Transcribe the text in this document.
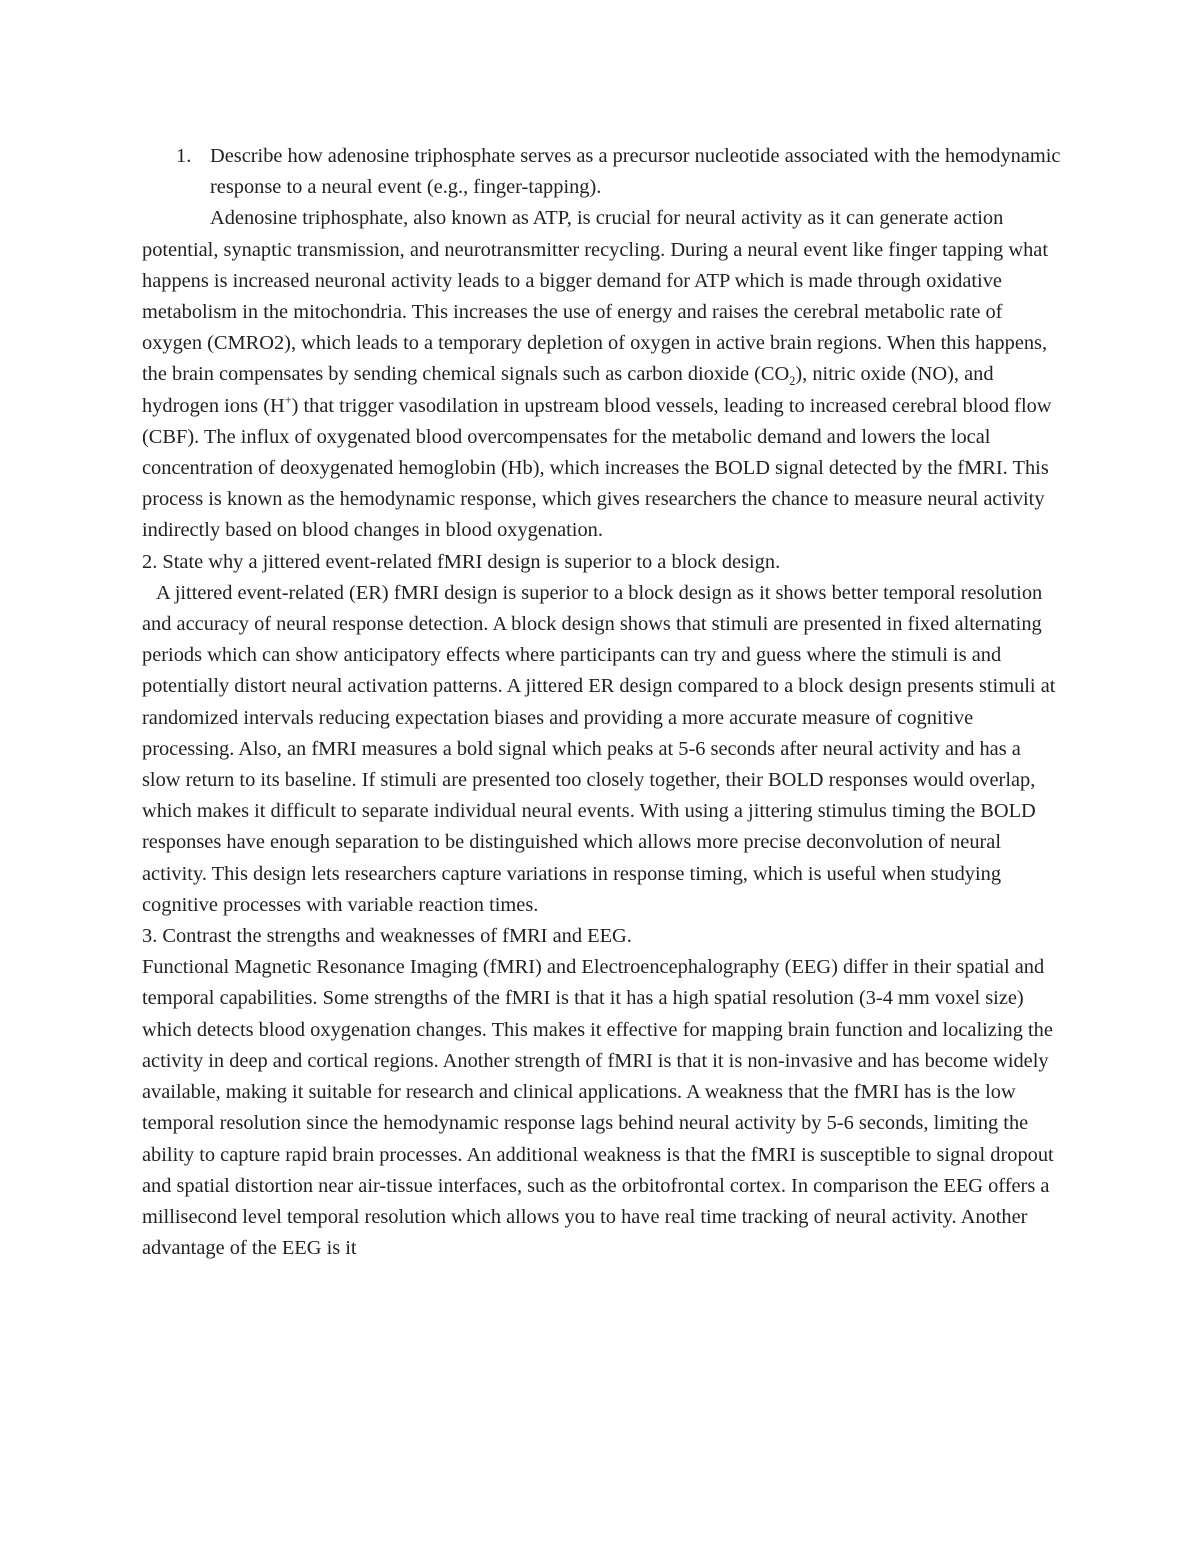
1. Describe how adenosine triphosphate serves as a precursor nucleotide associated with the hemodynamic response to a neural event (e.g., finger-tapping).

Adenosine triphosphate, also known as ATP, is crucial for neural activity as it can generate action potential, synaptic transmission, and neurotransmitter recycling. During a neural event like finger tapping what happens is increased neuronal activity leads to a bigger demand for ATP which is made through oxidative metabolism in the mitochondria. This increases the use of energy and raises the cerebral metabolic rate of oxygen (CMRO2), which leads to a temporary depletion of oxygen in active brain regions. When this happens, the brain compensates by sending chemical signals such as carbon dioxide $(CO_2)$, nitric oxide (NO), and hydrogen ions (H+) that trigger vasodilation in upstream blood vessels, leading to increased cerebral blood flow (CBF). The influx of oxygenated blood overcompensates for the metabolic demand and lowers the local concentration of deoxygenated hemoglobin (Hb), which increases the BOLD signal detected by the fMRI. This process is known as the hemodynamic response, which gives researchers the chance to measure neural activity indirectly based on blood changes in blood oxygenation.

2. State why a jittered event-related fMRI design is superior to a block design.

A jittered event-related (ER) fMRI design is superior to a block design as it shows better temporal resolution and accuracy of neural response detection. A block design shows that stimuli are presented in fixed alternating periods which can show anticipatory effects where participants can try and guess where the stimuli is and potentially distort neural activation patterns. A jittered ER design compared to a block design presents stimuli at randomized intervals reducing expectation biases and providing a more accurate measure of cognitive processing. Also, an fMRI measures a bold signal which peaks at 5-6 seconds after neural activity and has a slow return to its baseline. If stimuli are presented too closely together, their BOLD responses would overlap, which makes it difficult to separate individual neural events. With using a jittering stimulus timing the BOLD responses have enough separation to be distinguished which allows more precise deconvolution of neural activity. This design lets researchers capture variations in response timing, which is useful when studying cognitive processes with variable reaction times.

3. Contrast the strengths and weaknesses of fMRI and EEG.

Functional Magnetic Resonance Imaging (fMRI) and Electroencephalography (EEG) differ in their spatial and temporal capabilities. Some strengths of the fMRI is that it has a high spatial resolution (3-4 mm voxel size) which detects blood oxygenation changes. This makes it effective for mapping brain function and localizing the activity in deep and cortical regions. Another strength of fMRI is that it is non-invasive and has become widely available, making it suitable for research and clinical applications. A weakness that the fMRI has is the low temporal resolution since the hemodynamic response lags behind neural activity by 5-6 seconds, limiting the ability to capture rapid brain processes. An additional weakness is that the fMRI is susceptible to signal dropout and spatial distortion near air-tissue interfaces, such as the orbitofrontal cortex. In comparison the EEG offers a millisecond level temporal resolution which allows you to have real time tracking of neural activity. Another advantage of the EEG is it
